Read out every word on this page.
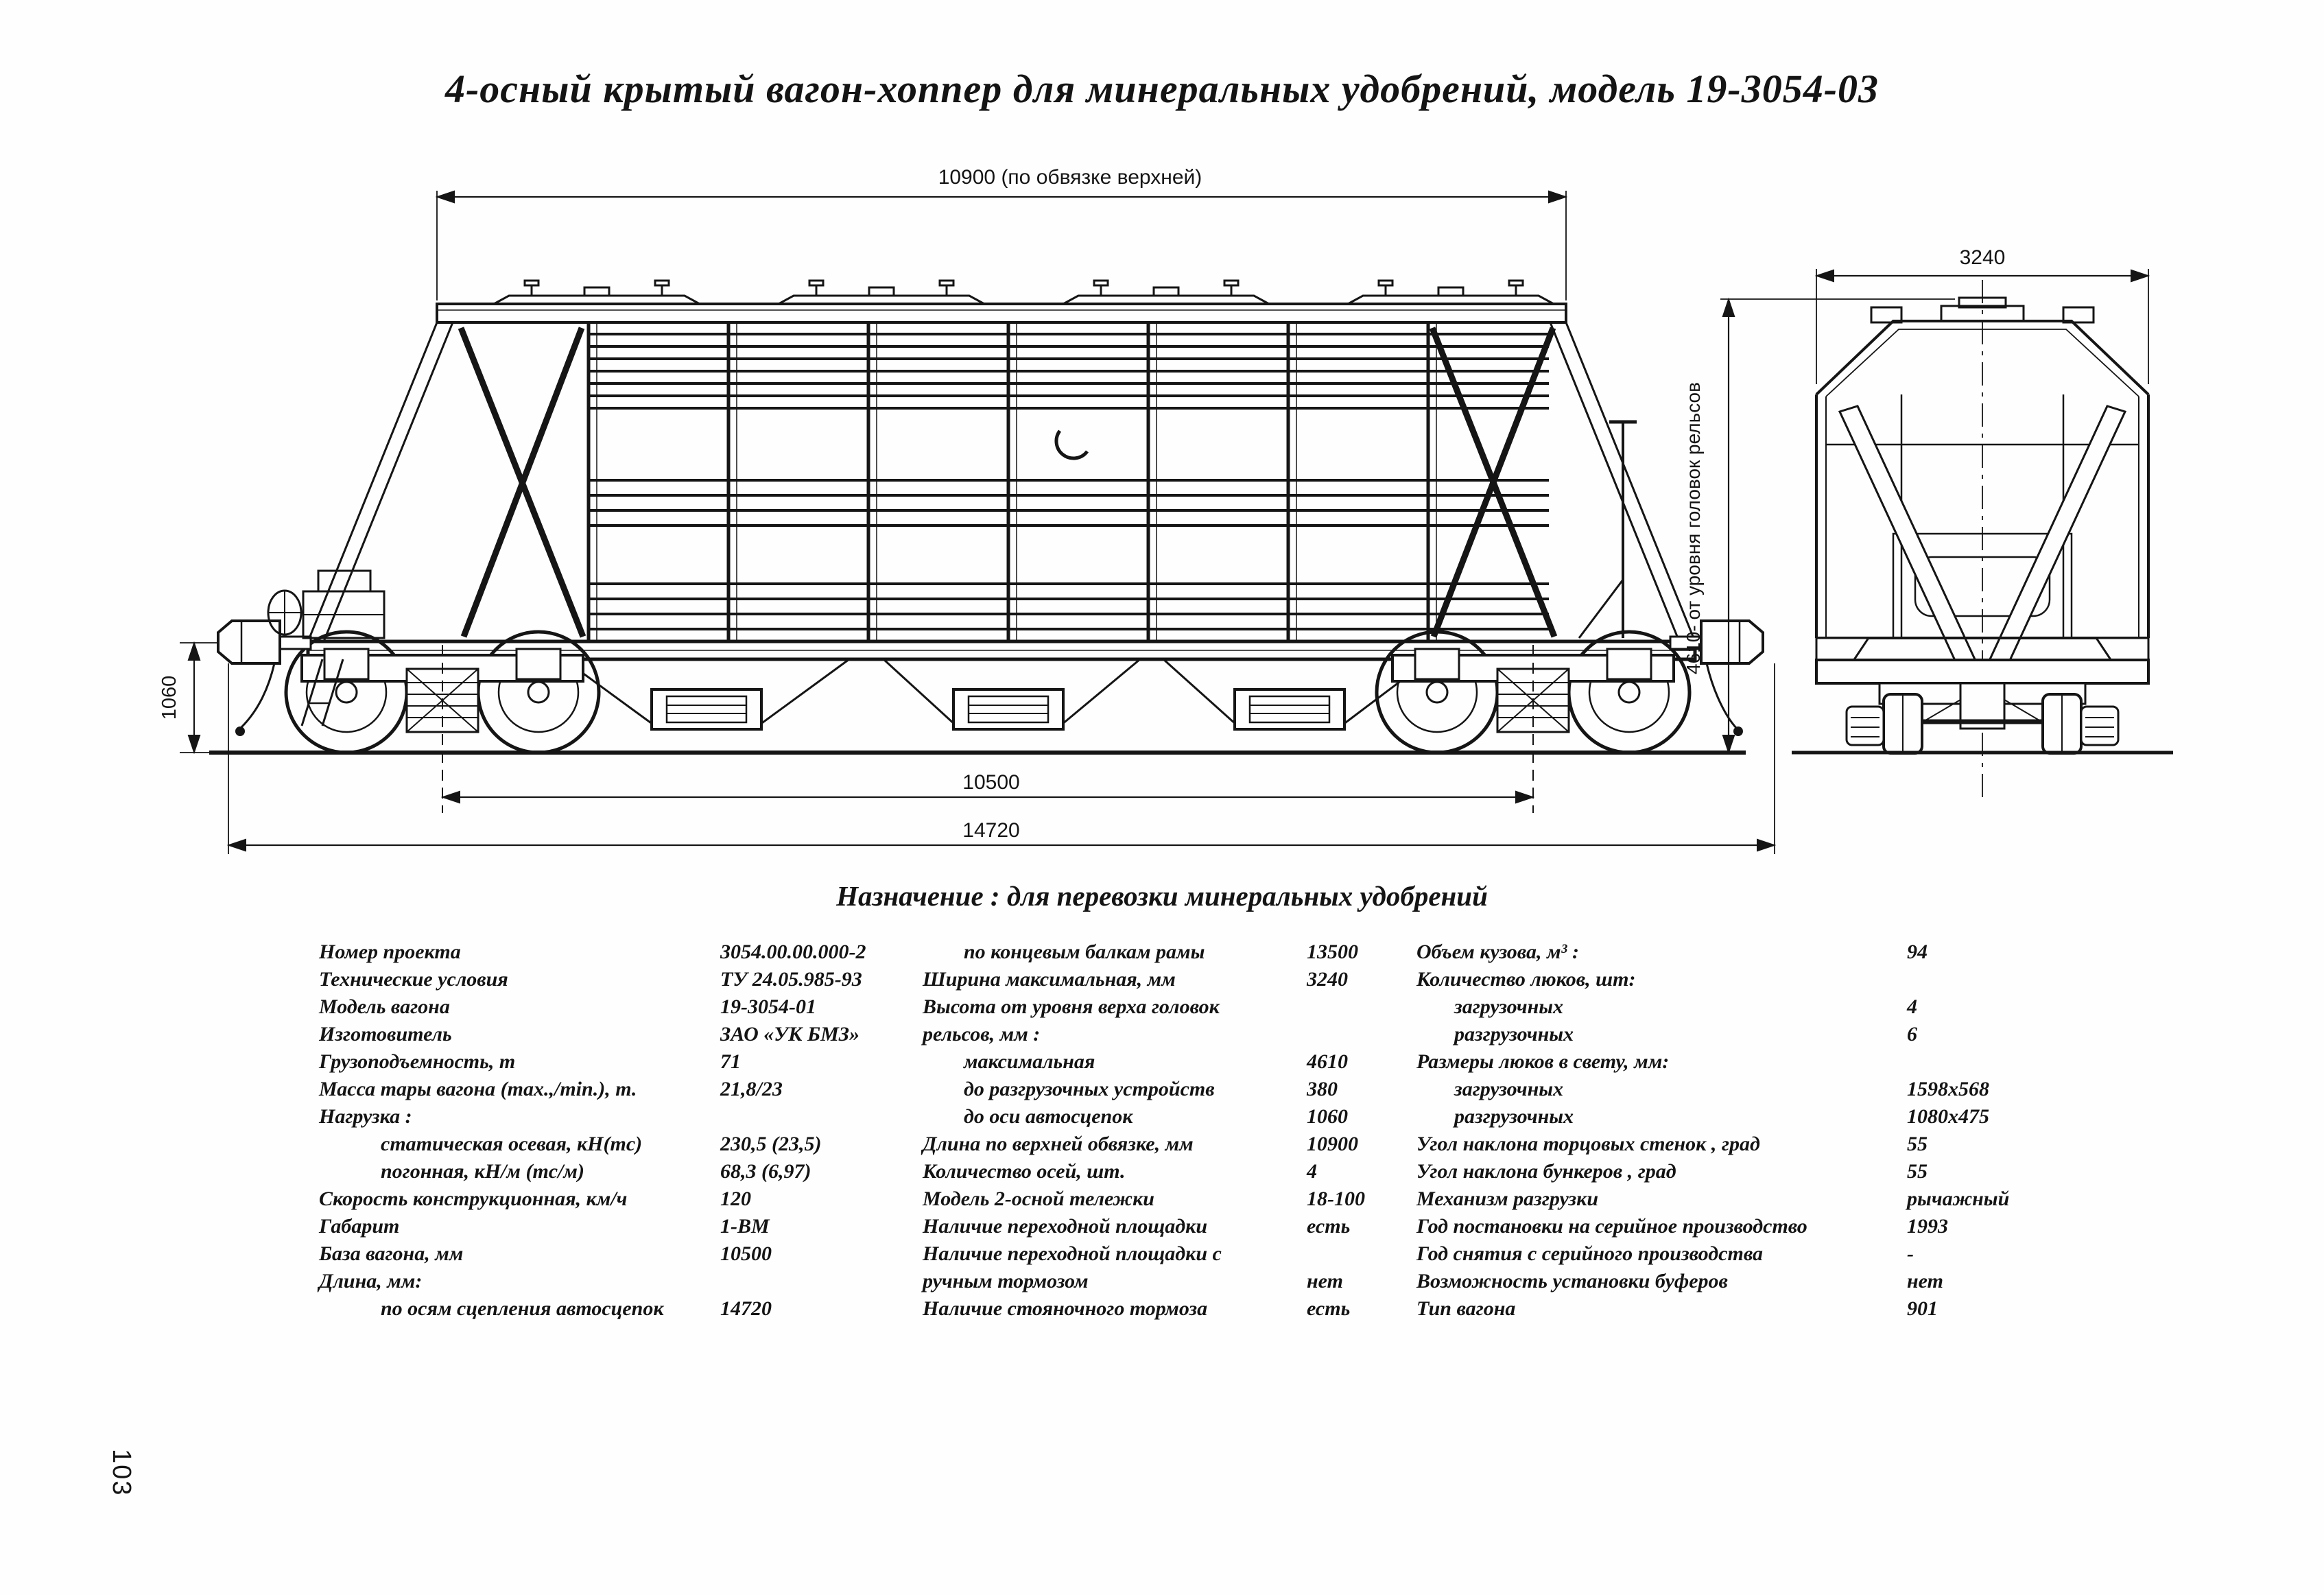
10900 (по обвязке верхней)
1060
10500
14720
3240
4610- от уровня головок рельсов
4-осный крытый вагон-хоппер для минеральных удобрений, модель 19-3054-03
Назначение : для перевозки минеральных удобрений
Номер проекта	3054.00.00.000-2
Технические условия	ТУ 24.05.985-93
Модель вагона	19-3054-01
Изготовитель	ЗАО «УК БМЗ»
Грузоподъемность, т	71
Масса тары вагона (max.,/min.), т.	21,8/23
Нагрузка :
статическая осевая, кН(тс)	230,5 (23,5)
погонная, кН/м (тс/м)	68,3 (6,97)
Скорость конструкционная, км/ч	120
Габарит	1-ВМ
База вагона, мм	10500
Длина, мм:
по осям сцепления автосцепок	14720
по концевым балкам рамы	13500
Ширина максимальная, мм	3240
Высота от уровня верха головок
рельсов, мм :
максимальная	4610
до разгрузочных устройств	380
до оси автосцепок	1060
Длина по верхней обвязке, мм	10900
Количество осей, шт.	4
Модель 2-осной тележки	18-100
Наличие переходной площадки	есть
Наличие переходной площадки с
ручным тормозом	нет
Наличие стояночного тормоза	есть
Объем кузова, м³ :	94
Количество люков, шт:
загрузочных	4
разгрузочных	6
Размеры люков в свету, мм:
загрузочных	1598x568
разгрузочных	1080x475
Угол наклона торцовых стенок , град	55
Угол наклона бункеров , град	55
Механизм разгрузки	рычажный
Год постановки на серийное производство	1993
Год снятия с серийного производства	-
Возможность установки буферов	нет
Тип вагона	901
103
